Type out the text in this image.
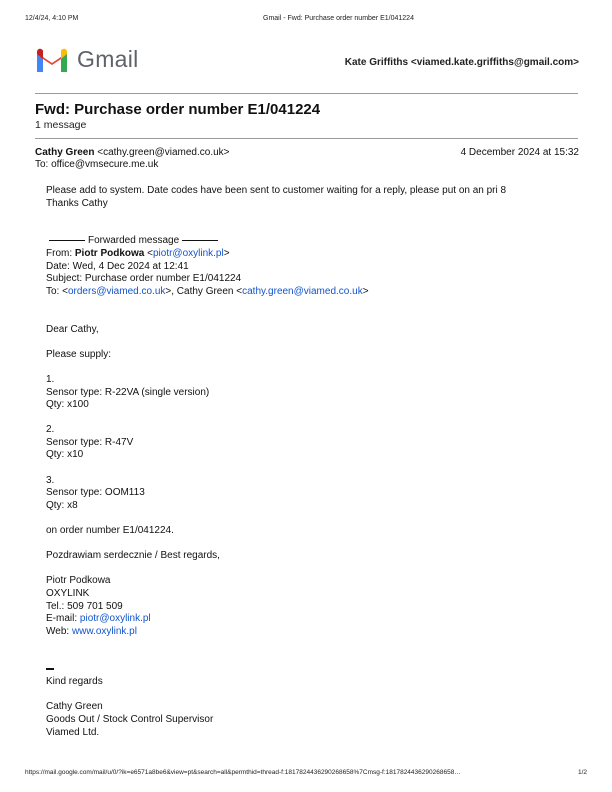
12/4/24, 4:10 PM	Gmail - Fwd: Purchase order number E1/041224
Gmail	Kate Griffiths <viamed.kate.griffiths@gmail.com>
Fwd: Purchase order number E1/041224
1 message
Cathy Green <cathy.green@viamed.co.uk>	4 December 2024 at 15:32
To: office@vmsecure.me.uk

Please add to system. Date codes have been sent to customer waiting for a reply, please put on an pri 8

Thanks Cathy

Forwarded message

From: Piotr Podkowa <piotr@oxylink.pl>

Date: Wed, 4 Dec 2024 at 12:41

Subject: Purchase order number E1/041224

To: <orders@viamed.co.uk>, Cathy Green <cathy.green@viamed.co.uk>

Dear Cathy,

Please supply:

1.

Sensor type: R-22VA (single version)

Qty: x100

2.

Sensor type: R-47V

Qty: x10

3.

Sensor type: OOM113

Qty: x8

on order number E1/041224.

Pozdrawiam serdecznie / Best regards,

Piotr Podkowa

OXYLINK

Tel.: 509 701 509

E-mail: piotr@oxylink.pl

Web: www.oxylink.pl

Kind regards

Cathy Green

Goods Out / Stock Control Supervisor

Viamed Ltd.

https://mail.google.com/mail/u/0/?ik=e6571a8be6&view=pt&search=all&permthid=thread-f:1817824436290268658%7Cmsg-f:1817824436290268658…	1/2
